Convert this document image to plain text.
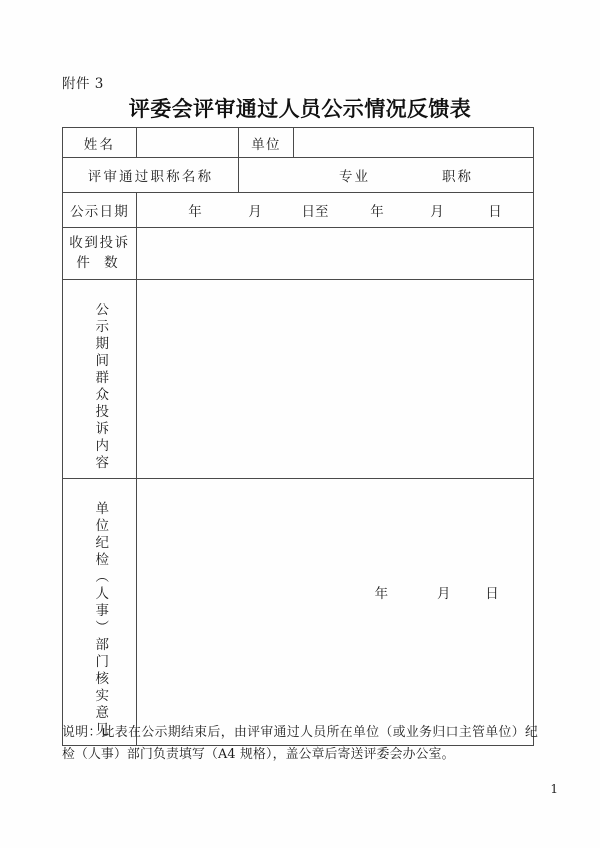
附件 3
评委会评审通过人员公示情况反馈表
姓名		单位	
评审通过职称名称		专业 职称	

公示日期	年	月	日至	年	月	日

收到投诉
件 数			

公示期间群众投诉内容			

单位纪检（人事）部门核实意见	年 月 日		
说明：此表在公示期结束后，由评审通过人员所在单位（或业务归口主管单位）纪检（人事）部门负责填写（A4 规格），盖公章后寄送评委会办公室。
1
